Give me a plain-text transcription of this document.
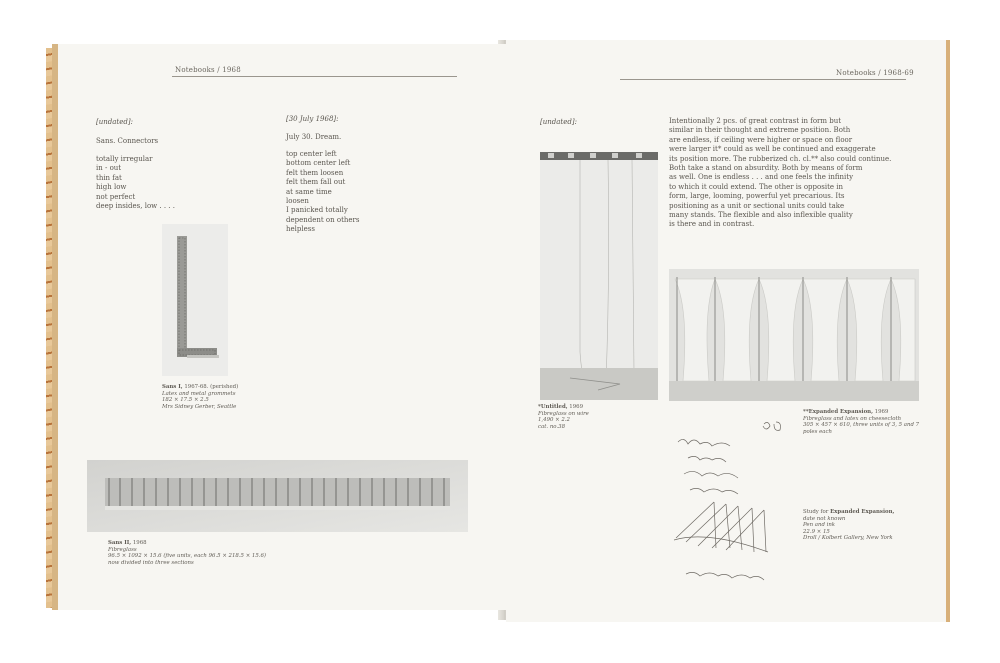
Notebooks / 1968
[undated]:
Sans. Connectors
totally irregular
in - out
thin fat
high low
not perfect
deep insides, low . . . .
[30 July 1968]:
July 30. Dream.
top center left
bottom center left
felt them loosen
felt them fall out
at same time
loosen
I panicked totally
dependent on others
helpless
Sans I, 1967-68. (perished)
Latex and metal grommets
182 × 17.5 × 2.5
Mrs Sidney Gerber, Seattle
Sans II, 1968
Fibreglass
96.5 × 1092 × 15.6 (five units, each 96.5 × 218.5 × 15.6)
now divided into three sections
Notebooks / 1968-69
[undated]:	Intentionally 2 pcs. of great contrast in form but
similar in their thought and extreme position. Both
are endless, if ceiling were higher or space on floor
were larger it* could as well be continued and exaggerate
its position more. The rubberized ch. cl.** also could continue.
Both take a stand on absurdity. Both by means of form
as well. One is endless . . . and one feels the infinity
to which it could extend. The other is opposite in
form, large, looming, powerful yet precarious. Its
positioning as a unit or sectional units could take
many stands. The flexible and also inflexible quality
is there and in contrast.
*Untitled, 1969
Fibreglass on wire
1,490 × 2.2
cat. no.38
**Expanded Expansion, 1969
Fibreglass and latex on cheesecloth
305 × 457 × 610, three units of 3, 5 and 7
poles each
Study for Expanded Expansion,
date not known
Pen and ink
22.9 × 15
Droll / Kolbert Gallery, New York
